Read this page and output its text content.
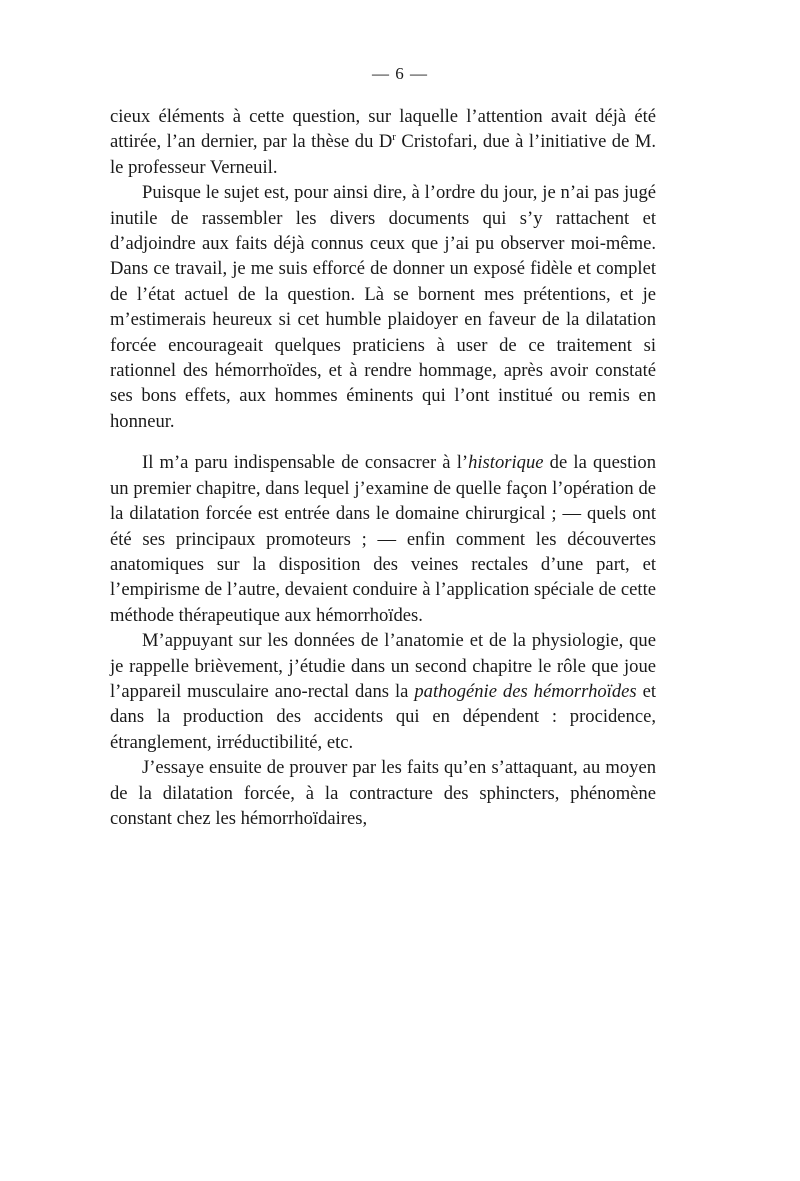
— 6 —

cieux éléments à cette question, sur laquelle l’attention avait déjà été attirée, l’an dernier, par la thèse du $D^r$ Cristofari, due à l’initiative de M. le professeur Verneuil.

Puisque le sujet est, pour ainsi dire, à l’ordre du jour, je n’ai pas jugé inutile de rassembler les divers documents qui s’y rattachent et d’adjoindre aux faits déjà connus ceux que j’ai pu observer moi-même. Dans ce travail, je me suis efforcé de donner un exposé fidèle et complet de l’état actuel de la question. Là se bornent mes prétentions, et je m’estimerais heureux si cet humble plaidoyer en faveur de la dilatation forcée encourageait quelques praticiens à user de ce traitement si rationnel des hémorrhoïdes, et à rendre hommage, après avoir constaté ses bons effets, aux hommes éminents qui l’ont institué ou remis en honneur.

Il m’a paru indispensable de consacrer à l’historique de la question un premier chapitre, dans lequel j’examine de quelle façon l’opération de la dilatation forcée est entrée dans le domaine chirurgical ; — quels ont été ses principaux promoteurs ; — enfin comment les découvertes anatomiques sur la disposition des veines rectales d’une part, et l’empirisme de l’autre, devaient conduire à l’application spéciale de cette méthode thérapeutique aux hémorrhoïdes.

M’appuyant sur les données de l’anatomie et de la physiologie, que je rappelle brièvement, j’étudie dans un second chapitre le rôle que joue l’appareil musculaire ano-rectal dans la pathogénie des hémorrhoïdes et dans la production des accidents qui en dépendent : procidence, étranglement, irréductibilité, etc.

J’essaye ensuite de prouver par les faits qu’en s’attaquant, au moyen de la dilatation forcée, à la contracture des sphincters, phénomène constant chez les hémorrhoïdaires,
